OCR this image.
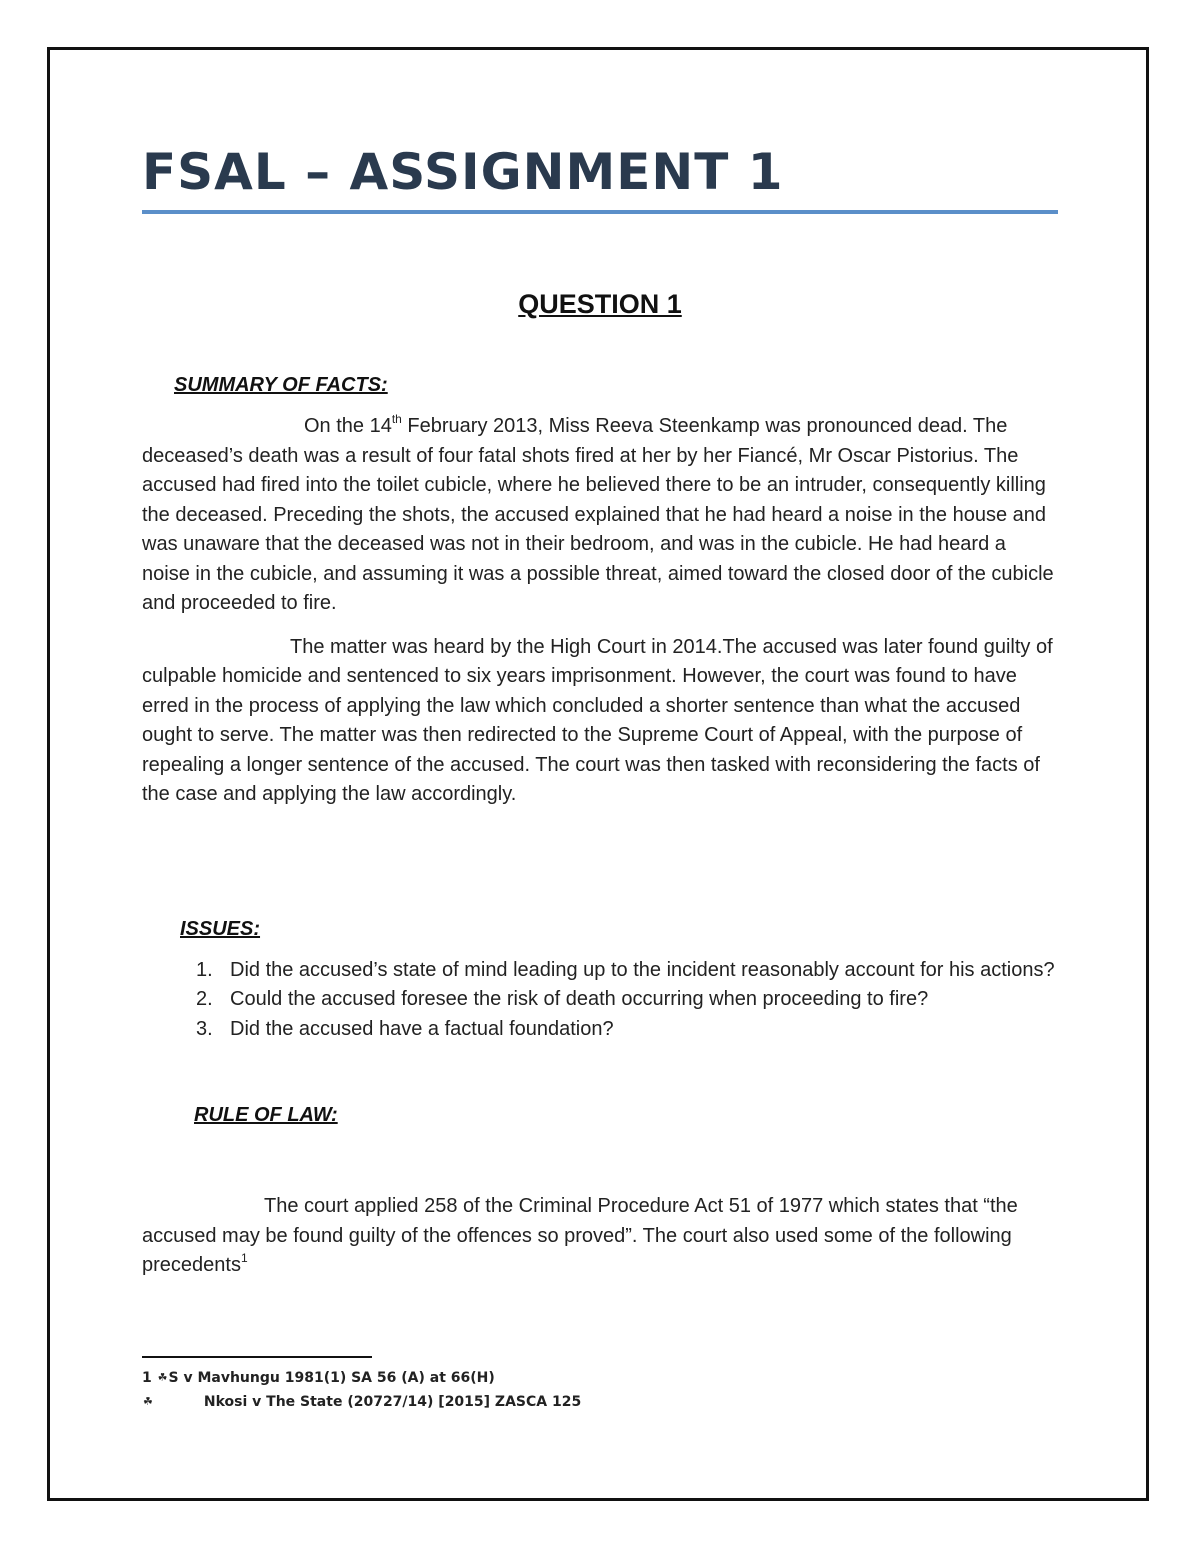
FSAL – ASSIGNMENT 1
QUESTION 1
SUMMARY OF FACTS:

On the 14th February 2013, Miss Reeva Steenkamp was pronounced dead. The deceased’s death was a result of four fatal shots fired at her by her Fiancé, Mr Oscar Pistorius. The accused had fired into the toilet cubicle, where he believed there to be an intruder, consequently killing the deceased. Preceding the shots, the accused explained that he had heard a noise in the house and was unaware that the deceased was not in their bedroom, and was in the cubicle. He had heard a noise in the cubicle, and assuming it was a possible threat, aimed toward the closed door of the cubicle and proceeded to fire.

The matter was heard by the High Court in 2014.The accused was later found guilty of culpable homicide and sentenced to six years imprisonment. However, the court was found to have erred in the process of applying the law which concluded a shorter sentence than what the accused ought to serve. The matter was then redirected to the Supreme Court of Appeal, with the purpose of repealing a longer sentence of the accused. The court was then tasked with reconsidering the facts of the case and applying the law accordingly.

ISSUES:
1. Did the accused’s state of mind leading up to the incident reasonably account for his actions?
2. Could the accused foresee the risk of death occurring when proceeding to fire?
3. Did the accused have a factual foundation?
RULE OF LAW:

The court applied 258 of the Criminal Procedure Act 51 of 1977 which states that “the accused may be found guilty of the offences so proved”. The court also used some of the following precedents$^1$

1 ☘S v Mavhungu 1981(1) SA 56 (A) at 66(H)

☘	Nkosi v The State (20727/14) [2015] ZASCA 125
